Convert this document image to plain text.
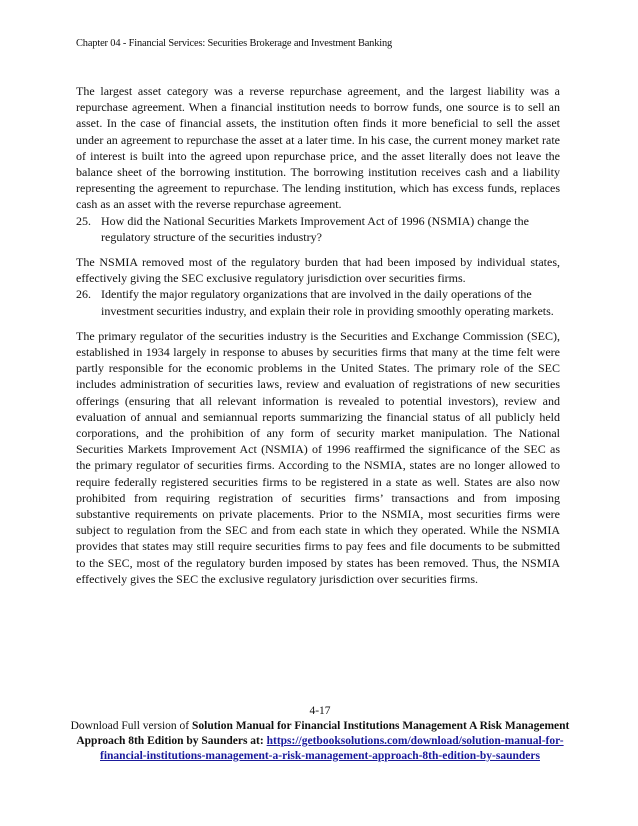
Chapter 04 - Financial Services: Securities Brokerage and Investment Banking

The largest asset category was a reverse repurchase agreement, and the largest liability was a repurchase agreement. When a financial institution needs to borrow funds, one source is to sell an asset. In the case of financial assets, the institution often finds it more beneficial to sell the asset under an agreement to repurchase the asset at a later time. In his case, the current money market rate of interest is built into the agreed upon repurchase price, and the asset literally does not leave the balance sheet of the borrowing institution. The borrowing institution receives cash and a liability representing the agreement to repurchase. The lending institution, which has excess funds, replaces cash as an asset with the reverse repurchase agreement.

25. How did the National Securities Markets Improvement Act of 1996 (NSMIA) change the regulatory structure of the securities industry?

The NSMIA removed most of the regulatory burden that had been imposed by individual states, effectively giving the SEC exclusive regulatory jurisdiction over securities firms.

26. Identify the major regulatory organizations that are involved in the daily operations of the investment securities industry, and explain their role in providing smoothly operating markets.

The primary regulator of the securities industry is the Securities and Exchange Commission (SEC), established in 1934 largely in response to abuses by securities firms that many at the time felt were partly responsible for the economic problems in the United States. The primary role of the SEC includes administration of securities laws, review and evaluation of registrations of new securities offerings (ensuring that all relevant information is revealed to potential investors), review and evaluation of annual and semiannual reports summarizing the financial status of all publicly held corporations, and the prohibition of any form of security market manipulation. The National Securities Markets Improvement Act (NSMIA) of 1996 reaffirmed the significance of the SEC as the primary regulator of securities firms. According to the NSMIA, states are no longer allowed to require federally registered securities firms to be registered in a state as well. States are also now prohibited from requiring registration of securities firms’ transactions and from imposing substantive requirements on private placements. Prior to the NSMIA, most securities firms were subject to regulation from the SEC and from each state in which they operated. While the NSMIA provides that states may still require securities firms to pay fees and file documents to be submitted to the SEC, most of the regulatory burden imposed by states has been removed. Thus, the NSMIA effectively gives the SEC the exclusive regulatory jurisdiction over securities firms.

4-17
Download Full version of Solution Manual for Financial Institutions Management A Risk Management Approach 8th Edition by Saunders at: https://getbooksolutions.com/download/solution-manual-for-financial-institutions-management-a-risk-management-approach-8th-edition-by-saunders
